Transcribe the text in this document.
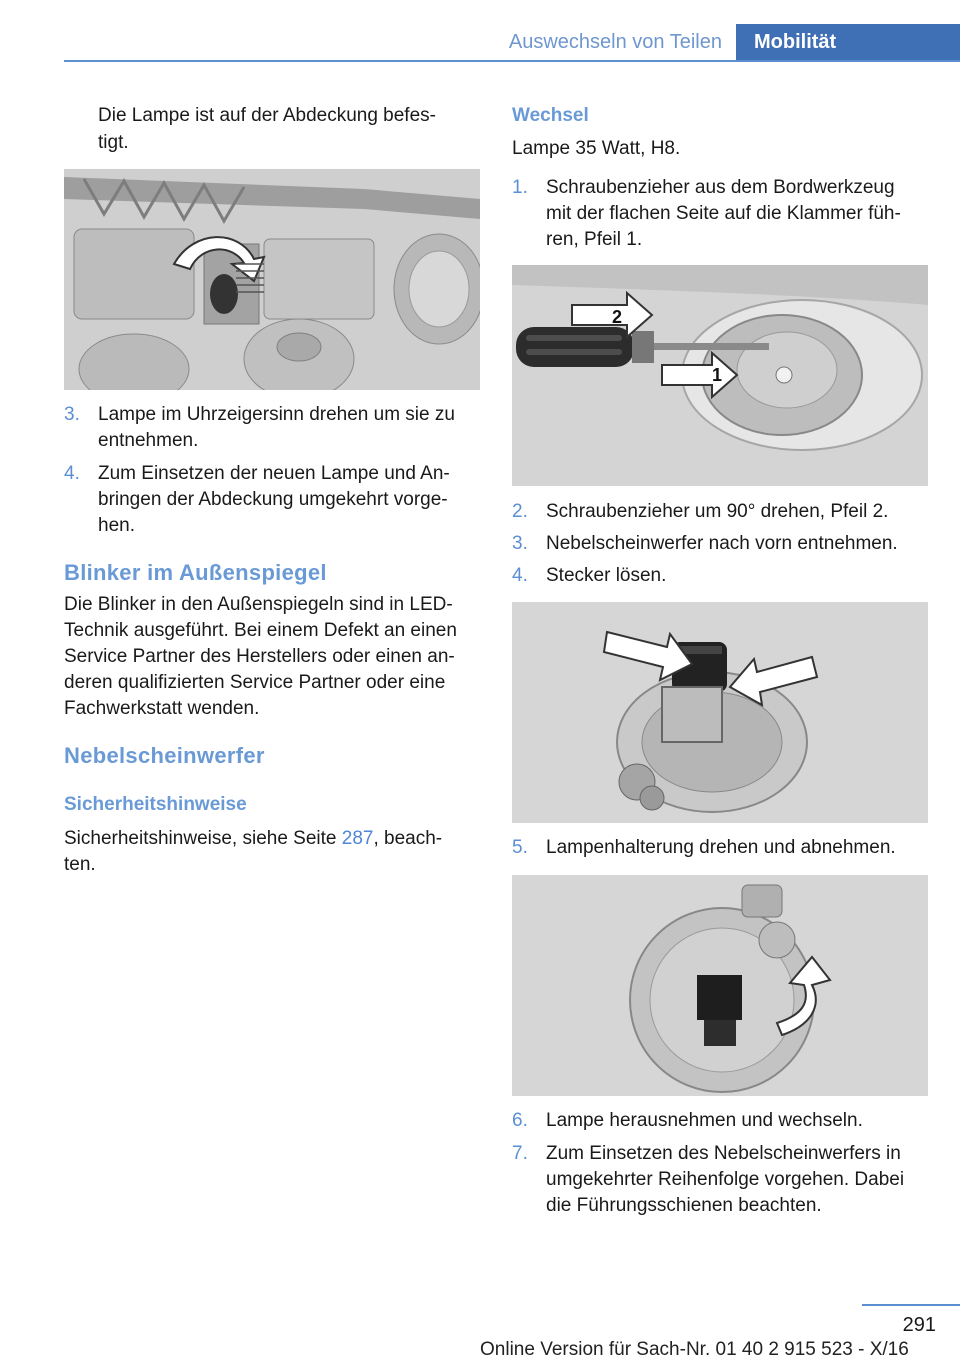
Auswechseln von Teilen	Mobilität
Die Lampe ist auf der Abdeckung befes-
tigt.
3. Lampe im Uhrzeigersinn drehen um sie zu
entnehmen.
4. Zum Einsetzen der neuen Lampe und An-
bringen der Abdeckung umgekehrt vorge-
hen.
Blinker im Außenspiegel
Die Blinker in den Außenspiegeln sind in LED-
Technik ausgeführt. Bei einem Defekt an einen
Service Partner des Herstellers oder einen an-
deren qualifizierten Service Partner oder eine
Fachwerkstatt wenden.
Nebelscheinwerfer
Sicherheitshinweise
Sicherheitshinweise, siehe Seite 287, beach-
ten.
Wechsel
Lampe 35 Watt, H8.
1. Schraubenzieher aus dem Bordwerkzeug
mit der flachen Seite auf die Klammer füh-
ren, Pfeil 1.
2
1
2. Schraubenzieher um 90° drehen, Pfeil 2.
3. Nebelscheinwerfer nach vorn entnehmen.
4. Stecker lösen.
5. Lampenhalterung drehen und abnehmen.
6. Lampe herausnehmen und wechseln.
7. Zum Einsetzen des Nebelscheinwerfers in
umgekehrter Reihenfolge vorgehen. Dabei
die Führungsschienen beachten.
291
Online Version für Sach-Nr. 01 40 2 915 523 - X/16
